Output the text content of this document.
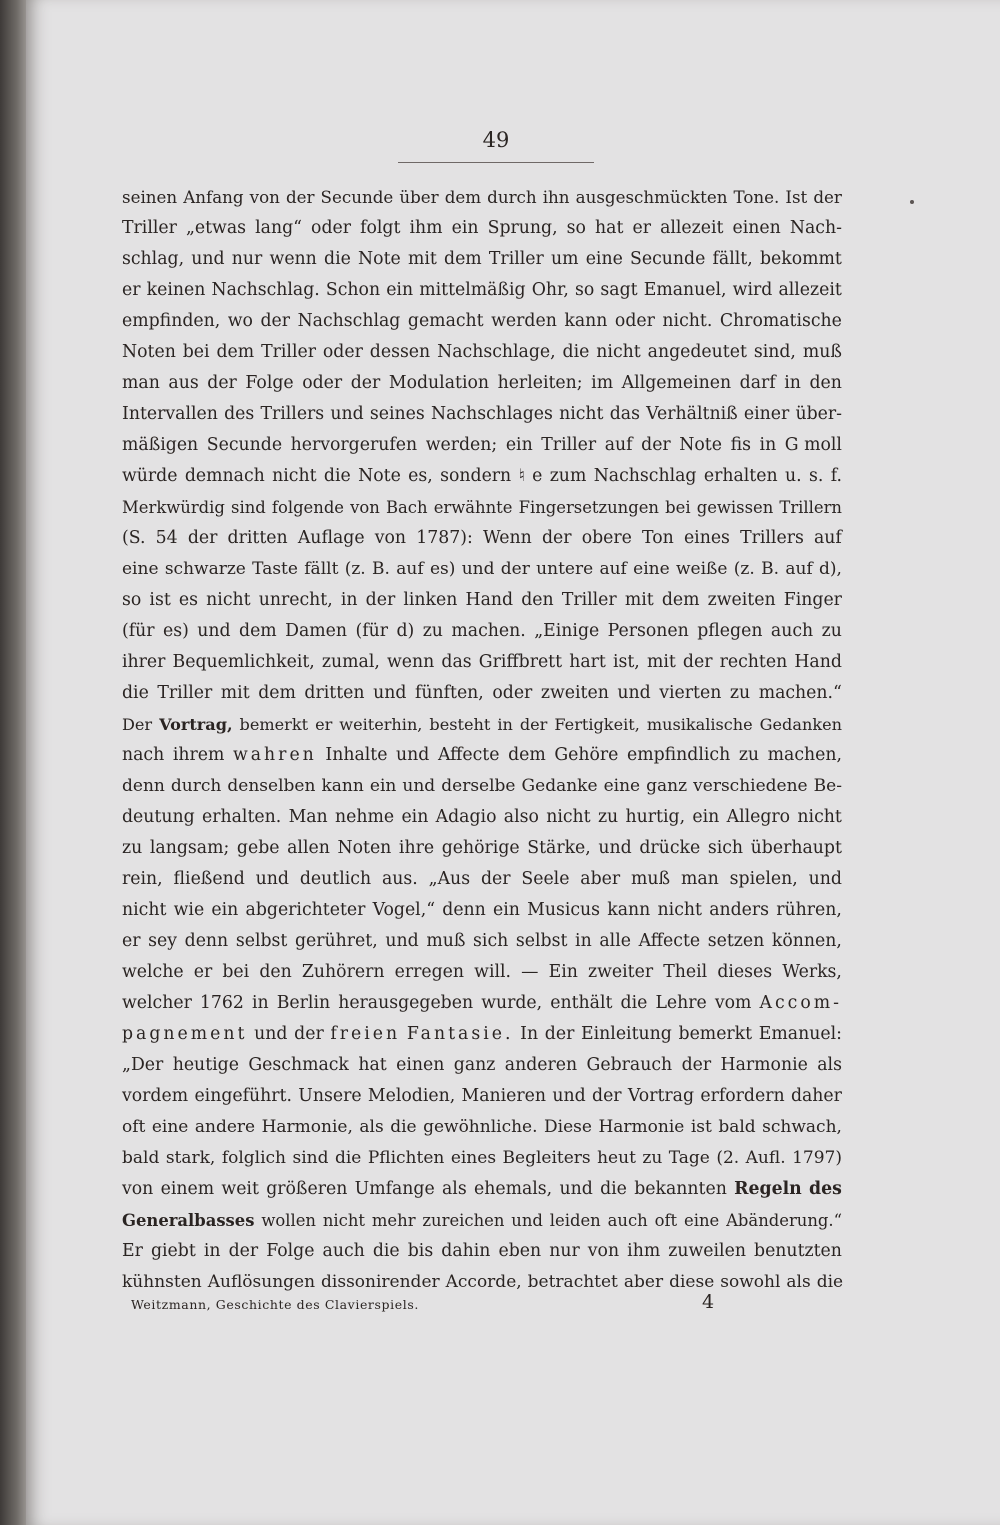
49
seinen Anfang von der Secunde über dem durch ihn ausgeschmückten Tone. Ist der
Triller „etwas lang“ oder folgt ihm ein Sprung, so hat er allezeit einen Nach-
schlag, und nur wenn die Note mit dem Triller um eine Secunde fällt, bekommt
er keinen Nachschlag. Schon ein mittelmäßig Ohr, so sagt Emanuel, wird allezeit
empfinden, wo der Nachschlag gemacht werden kann oder nicht. Chromatische
Noten bei dem Triller oder dessen Nachschlage, die nicht angedeutet sind, muß
man aus der Folge oder der Modulation herleiten; im Allgemeinen darf in den
Intervallen des Trillers und seines Nachschlages nicht das Verhältniß einer über-
mäßigen Secunde hervorgerufen werden; ein Triller auf der Note fis in G moll
würde demnach nicht die Note es, sondern ♮ e zum Nachschlag erhalten u. s. f.
Merkwürdig sind folgende von Bach erwähnte Fingersetzungen bei gewissen Trillern
(S. 54 der dritten Auflage von 1787): Wenn der obere Ton eines Trillers auf
eine schwarze Taste fällt (z. B. auf es) und der untere auf eine weiße (z. B. auf d),
so ist es nicht unrecht, in der linken Hand den Triller mit dem zweiten Finger
(für es) und dem Damen (für d) zu machen. „Einige Personen pflegen auch zu
ihrer Bequemlichkeit, zumal, wenn das Griffbrett hart ist, mit der rechten Hand
die Triller mit dem dritten und fünften, oder zweiten und vierten zu machen.“
Der Vortrag, bemerkt er weiterhin, besteht in der Fertigkeit, musikalische Gedanken
nach ihrem wahren Inhalte und Affecte dem Gehöre empfindlich zu machen,
denn durch denselben kann ein und derselbe Gedanke eine ganz verschiedene Be-
deutung erhalten. Man nehme ein Adagio also nicht zu hurtig, ein Allegro nicht
zu langsam; gebe allen Noten ihre gehörige Stärke, und drücke sich überhaupt
rein, fließend und deutlich aus. „Aus der Seele aber muß man spielen, und
nicht wie ein abgerichteter Vogel,“ denn ein Musicus kann nicht anders rühren,
er sey denn selbst gerühret, und muß sich selbst in alle Affecte setzen können,
welche er bei den Zuhörern erregen will. — Ein zweiter Theil dieses Werks,
welcher 1762 in Berlin herausgegeben wurde, enthält die Lehre vom Accom-
pagnement und der freien Fantasie. In der Einleitung bemerkt Emanuel:
„Der heutige Geschmack hat einen ganz anderen Gebrauch der Harmonie als
vordem eingeführt. Unsere Melodien, Manieren und der Vortrag erfordern daher
oft eine andere Harmonie, als die gewöhnliche. Diese Harmonie ist bald schwach,
bald stark, folglich sind die Pflichten eines Begleiters heut zu Tage (2. Aufl. 1797)
von einem weit größeren Umfange als ehemals, und die bekannten Regeln des
Generalbasses wollen nicht mehr zureichen und leiden auch oft eine Abänderung.“
Er giebt in der Folge auch die bis dahin eben nur von ihm zuweilen benutzten
kühnsten Auflösungen dissonirender Accorde, betrachtet aber diese sowohl als die
Weitzmann, Geschichte des Clavierspiels.	4
